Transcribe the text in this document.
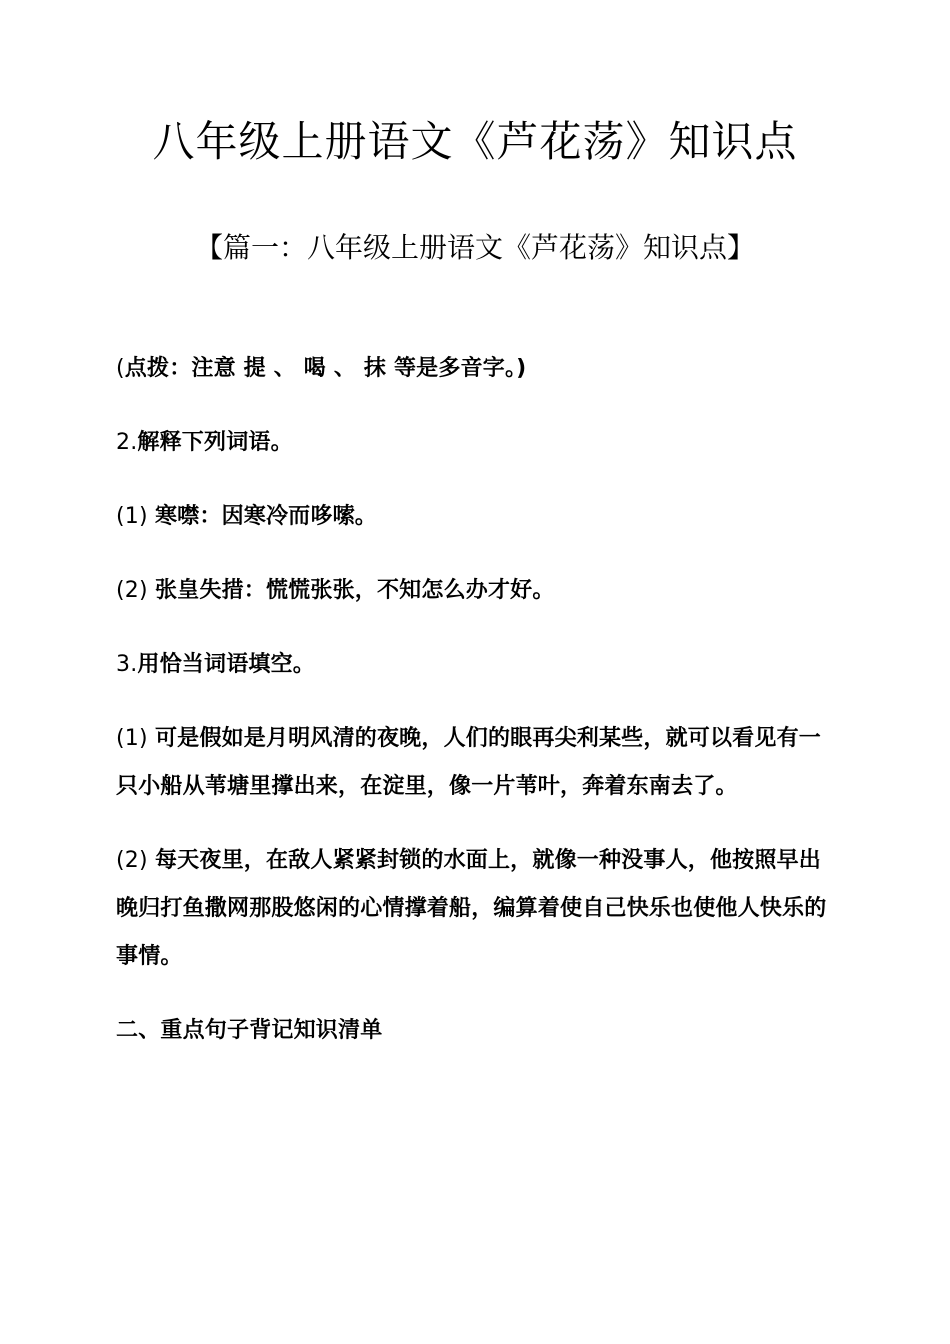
八年级上册语文《芦花荡》知识点
【篇一：八年级上册语文《芦花荡》知识点】

(点拨：注意 提 、 喝 、 抹 等是多音字。)

2.解释下列词语。

(1) 寒噤：因寒冷而哆嗦。

(2) 张皇失措：慌慌张张，不知怎么办才好。

3.用恰当词语填空。

(1) 可是假如是月明风清的夜晚，人们的眼再尖利某些，就可以看见有一只小船从苇塘里撑出来，在淀里，像一片苇叶，奔着东南去了。

(2) 每天夜里，在敌人紧紧封锁的水面上，就像一种没事人，他按照早出晚归打鱼撒网那股悠闲的心情撑着船，编算着使自己快乐也使他人快乐的事情。

二、重点句子背记知识清单
